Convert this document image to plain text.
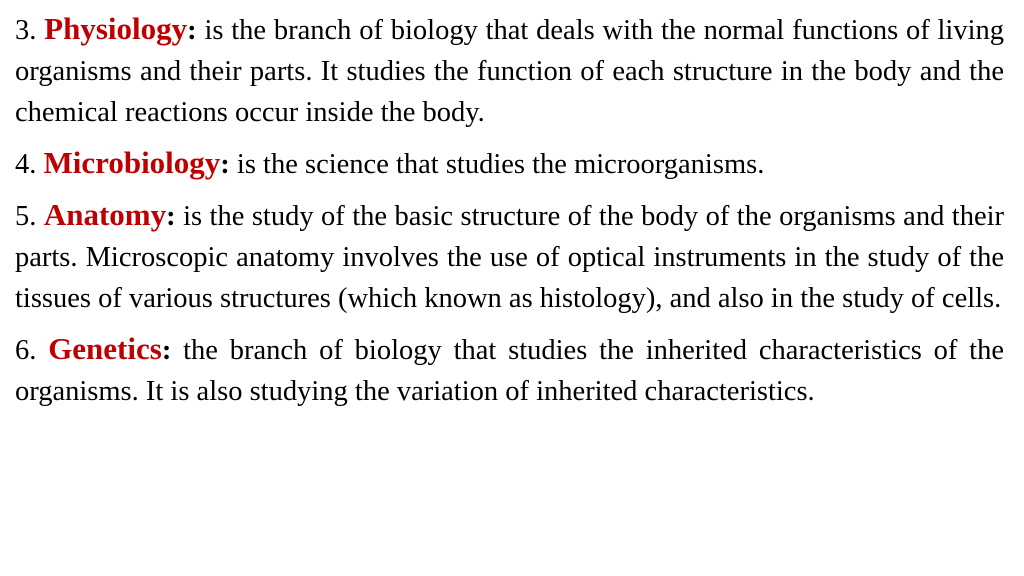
3. Physiology: is the branch of biology that deals with the normal functions of living organisms and their parts. It studies the function of each structure in the body and the chemical reactions occur inside the body.

4. Microbiology: is the science that studies the microorganisms.

5. Anatomy: is the study of the basic structure of the body of the organisms and their parts. Microscopic anatomy involves the use of optical instruments in the study of the tissues of various structures (which known as histology), and also in the study of cells.

6. Genetics: the branch of biology that studies the inherited characteristics of the organisms. It is also studying the variation of inherited characteristics.
